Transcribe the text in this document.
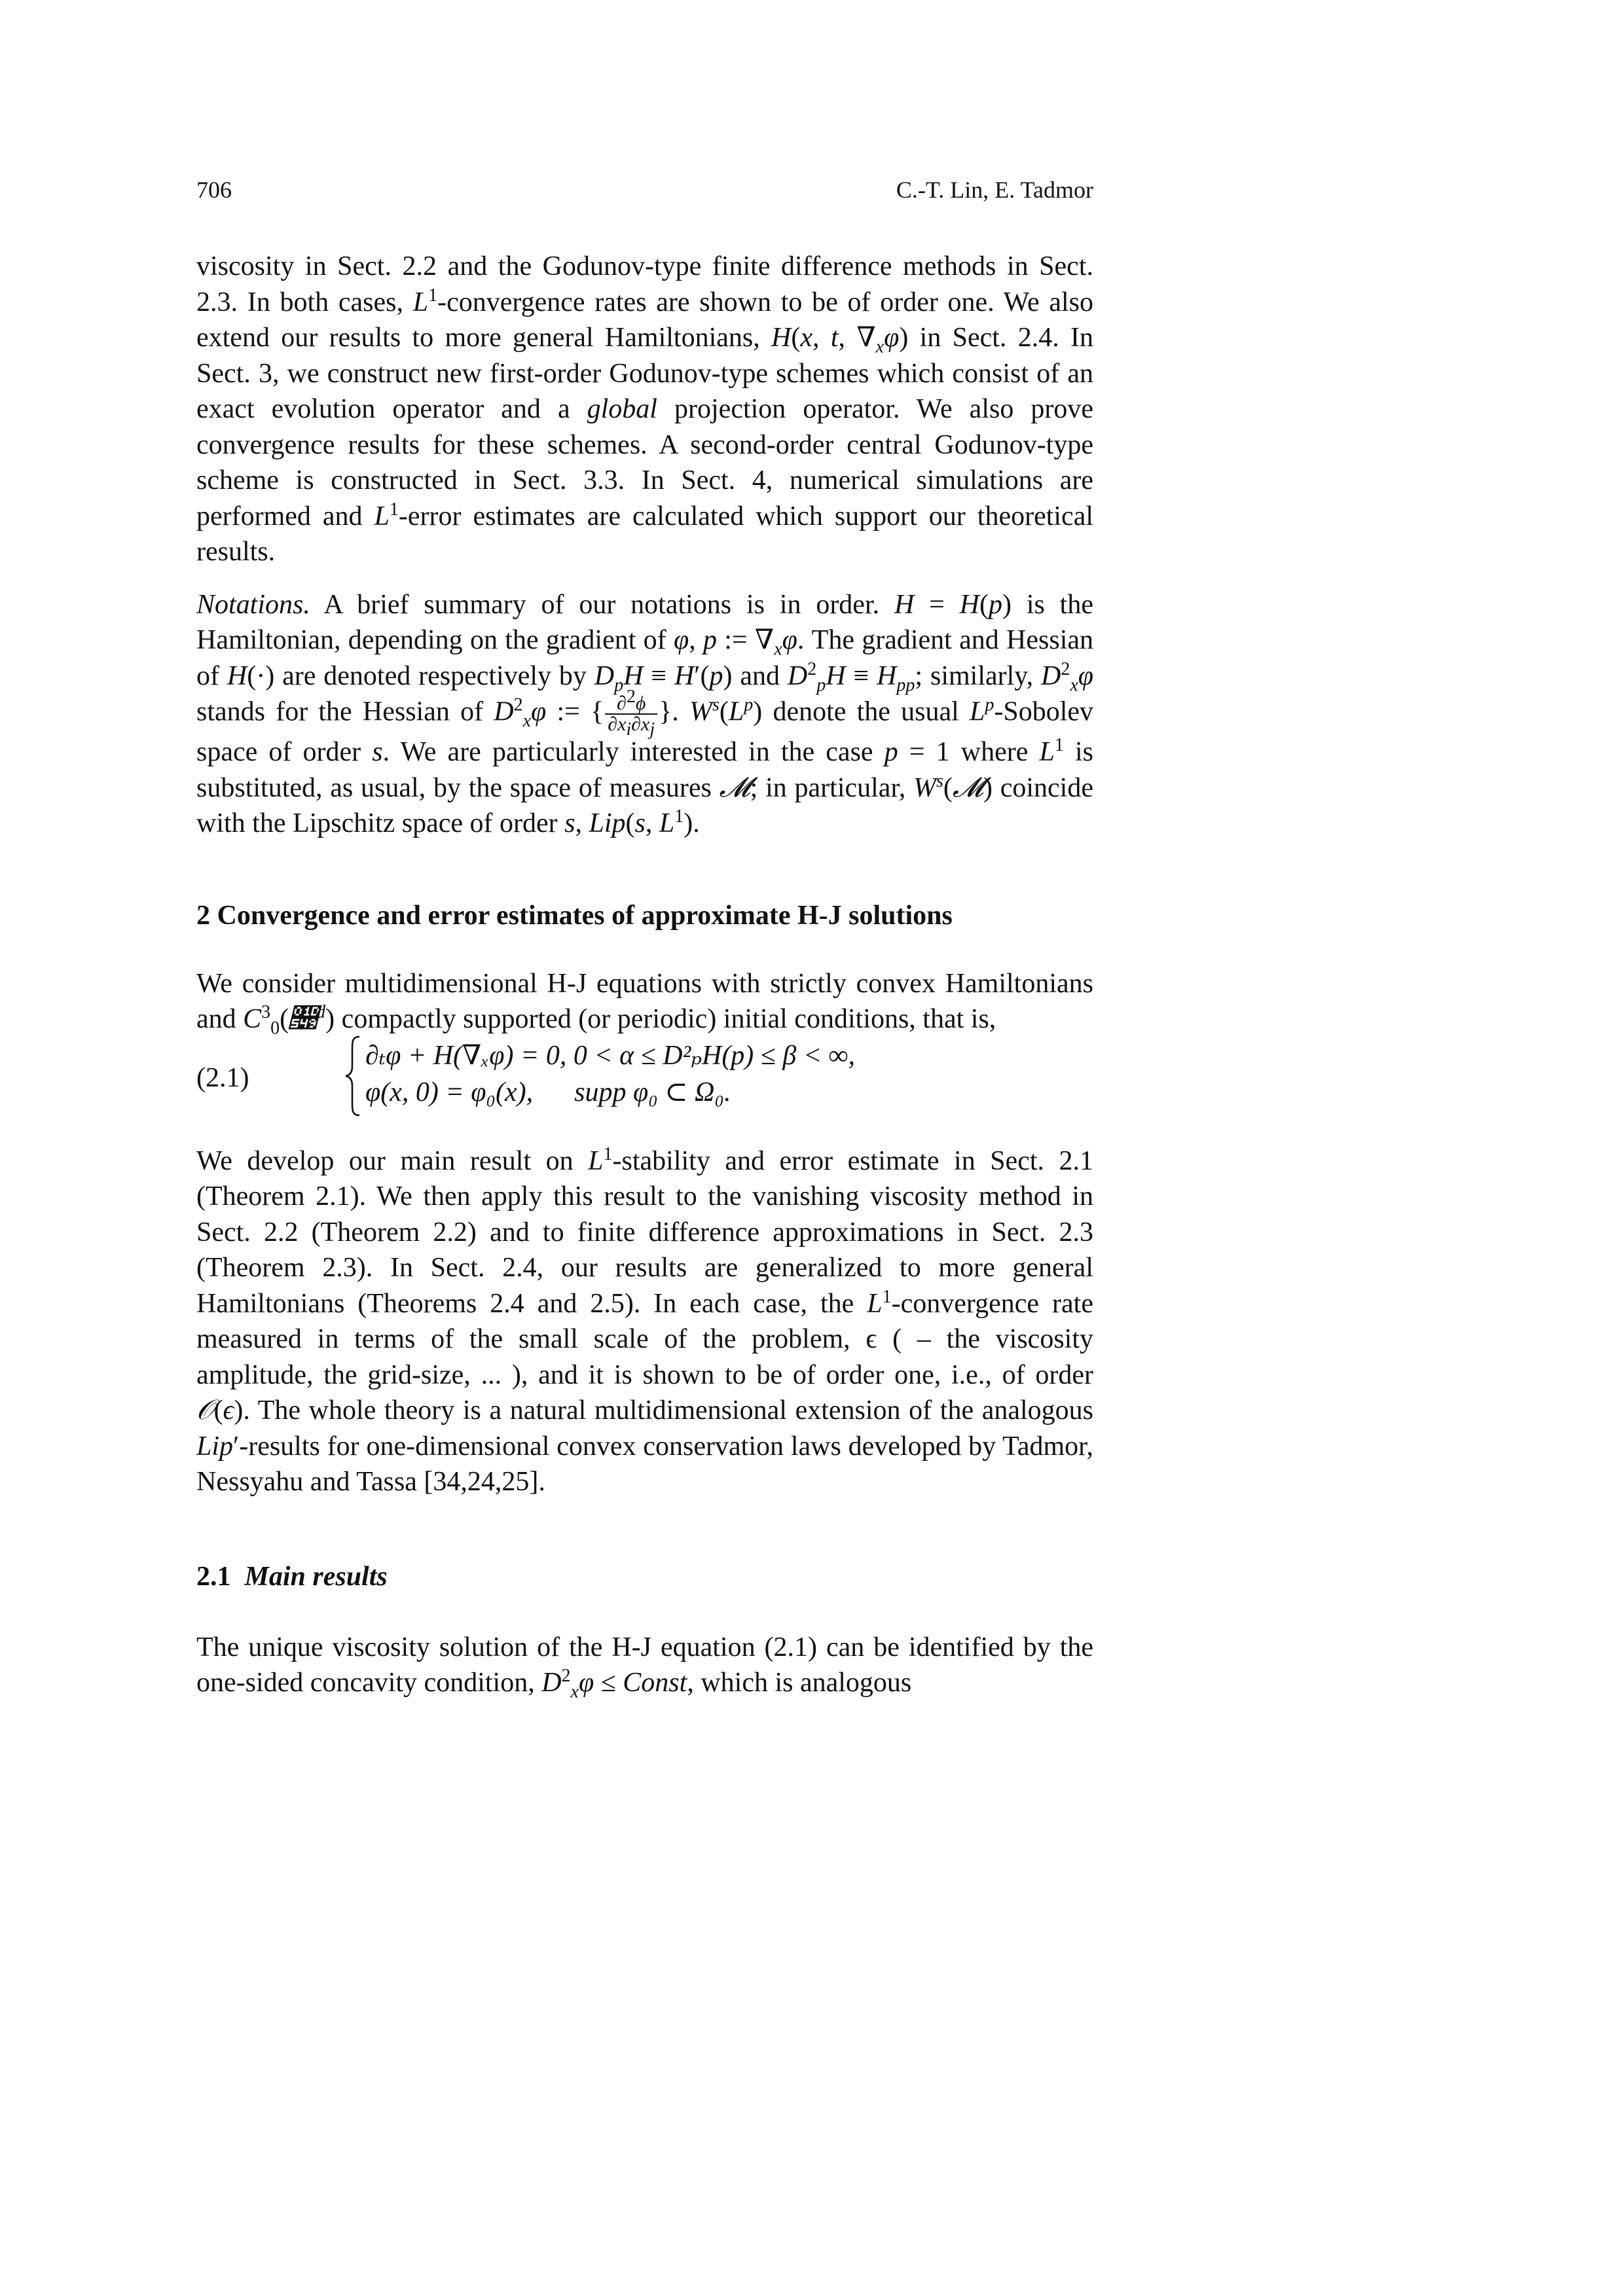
706	C.-T. Lin, E. Tadmor

viscosity in Sect. 2.2 and the Godunov-type finite difference methods in Sect. 2.3. In both cases, $L^1$-convergence rates are shown to be of order one. We also extend our results to more general Hamiltonians, H(x, t, $\nabla_x\varphi$) in Sect. 2.4. In Sect. 3, we construct new first-order Godunov-type schemes which consist of an exact evolution operator and a global projection operator. We also prove convergence results for these schemes. A second-order central Godunov-type scheme is constructed in Sect. 3.3. In Sect. 4, numerical simulations are performed and $L^1$-error estimates are calculated which support our theoretical results.

Notations. A brief summary of our notations is in order. H = H(p) is the Hamiltonian, depending on the gradient of φ, p := $\nabla_x\varphi$. The gradient and Hessian of H(·) are denoted respectively by $D_pH \equiv H'(p)$ and $D^2_pH \equiv H_{pp}$; similarly, $D^2_x\varphi$ stands for the Hessian of $D^2_x\varphi$ := { $\frac{\partial^2\phi}{\partial x_i\partial x_j}$ }. $W^s(L^p)$ denote the usual $L^p$-Sobolev space of order s. We are particularly interested in the case p = 1 where $L^1$ is substituted, as usual, by the space of measures 𝓜; in particular, $W^s(𝓜)$ coincide with the Lipschitz space of order s, Lip(s, $L^1$).

2 Convergence and error estimates of approximate H-J solutions

We consider multidimensional H-J equations with strictly convex Hamiltonians and $C^3_0(𝕉^d)$ compactly supported (or periodic) initial conditions, that is,

(2.1)
∂ₜφ + H(∇ₓφ) = 0, 0 < α ≤ D²ₚH(p) ≤ β < ∞,
φ(x, 0) = φ₀(x),      supp φ₀ ⊂ Ω₀.

We develop our main result on $L^1$-stability and error estimate in Sect. 2.1 (Theorem 2.1). We then apply this result to the vanishing viscosity method in Sect. 2.2 (Theorem 2.2) and to finite difference approximations in Sect. 2.3 (Theorem 2.3). In Sect. 2.4, our results are generalized to more general Hamiltonians (Theorems 2.4 and 2.5). In each case, the $L^1$-convergence rate measured in terms of the small scale of the problem, ϵ ( – the viscosity amplitude, the grid-size, ... ), and it is shown to be of order one, i.e., of order 𝒪(ϵ). The whole theory is a natural multidimensional extension of the analogous Lip′-results for one-dimensional convex conservation laws developed by Tadmor, Nessyahu and Tassa [34,24,25].

2.1 Main results

The unique viscosity solution of the H-J equation (2.1) can be identified by the one-sided concavity condition, $D^2_x\varphi$ ≤ Const, which is analogous
